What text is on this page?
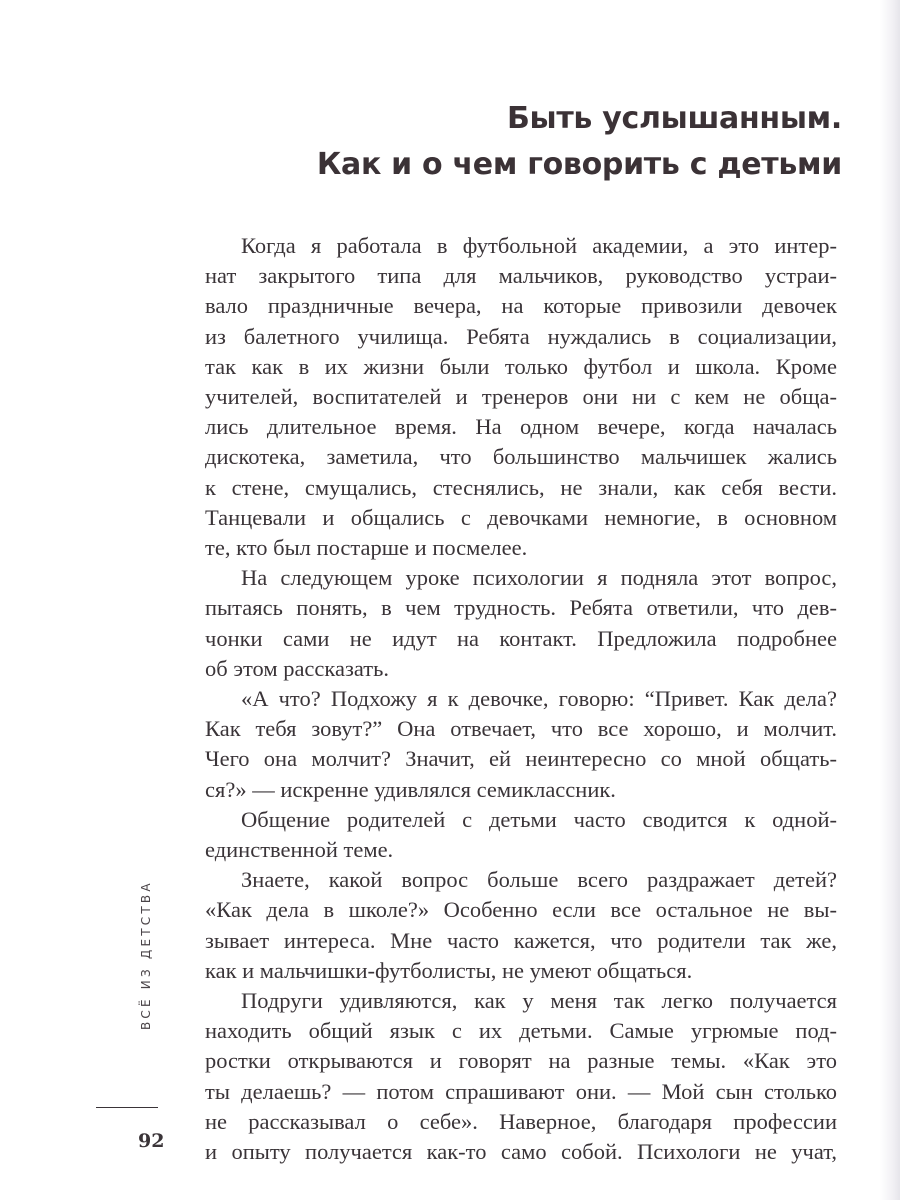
Быть услышанным.
Как и о чем говорить с детьми

Когда я работала в футбольной академии, а это интер-
нат закрытого типа для мальчиков, руководство устраи-
вало праздничные вечера, на которые привозили девочек
из балетного училища. Ребята нуждались в социализации,
так как в их жизни были только футбол и школа. Кроме
учителей, воспитателей и тренеров они ни с кем не обща-
лись длительное время. На одном вечере, когда началась
дискотека, заметила, что большинство мальчишек жались
к стене, смущались, стеснялись, не знали, как себя вести.
Танцевали и общались с девочками немногие, в основном
те, кто был постарше и посмелее.

На следующем уроке психологии я подняла этот вопрос,
пытаясь понять, в чем трудность. Ребята ответили, что дев-
чонки сами не идут на контакт. Предложила подробнее
об этом рассказать.

«А что? Подхожу я к девочке, говорю: “Привет. Как дела?
Как тебя зовут?” Она отвечает, что все хорошо, и молчит.
Чего она молчит? Значит, ей неинтересно со мной общать-
ся?» — искренне удивлялся семиклассник.

Общение родителей с детьми часто сводится к одной-
единственной теме.

Знаете, какой вопрос больше всего раздражает детей?
«Как дела в школе?» Особенно если все остальное не вы-
зывает интереса. Мне часто кажется, что родители так же,
как и мальчишки-футболисты, не умеют общаться.

Подруги удивляются, как у меня так легко получается
находить общий язык с их детьми. Самые угрюмые под-
ростки открываются и говорят на разные темы. «Как это
ты делаешь? — потом спрашивают они. — Мой сын столько
не рассказывал о себе». Наверное, благодаря профессии
и опыту получается как-то само собой. Психологи не учат,

ВСЁ ИЗ ДЕТСТВА
92
